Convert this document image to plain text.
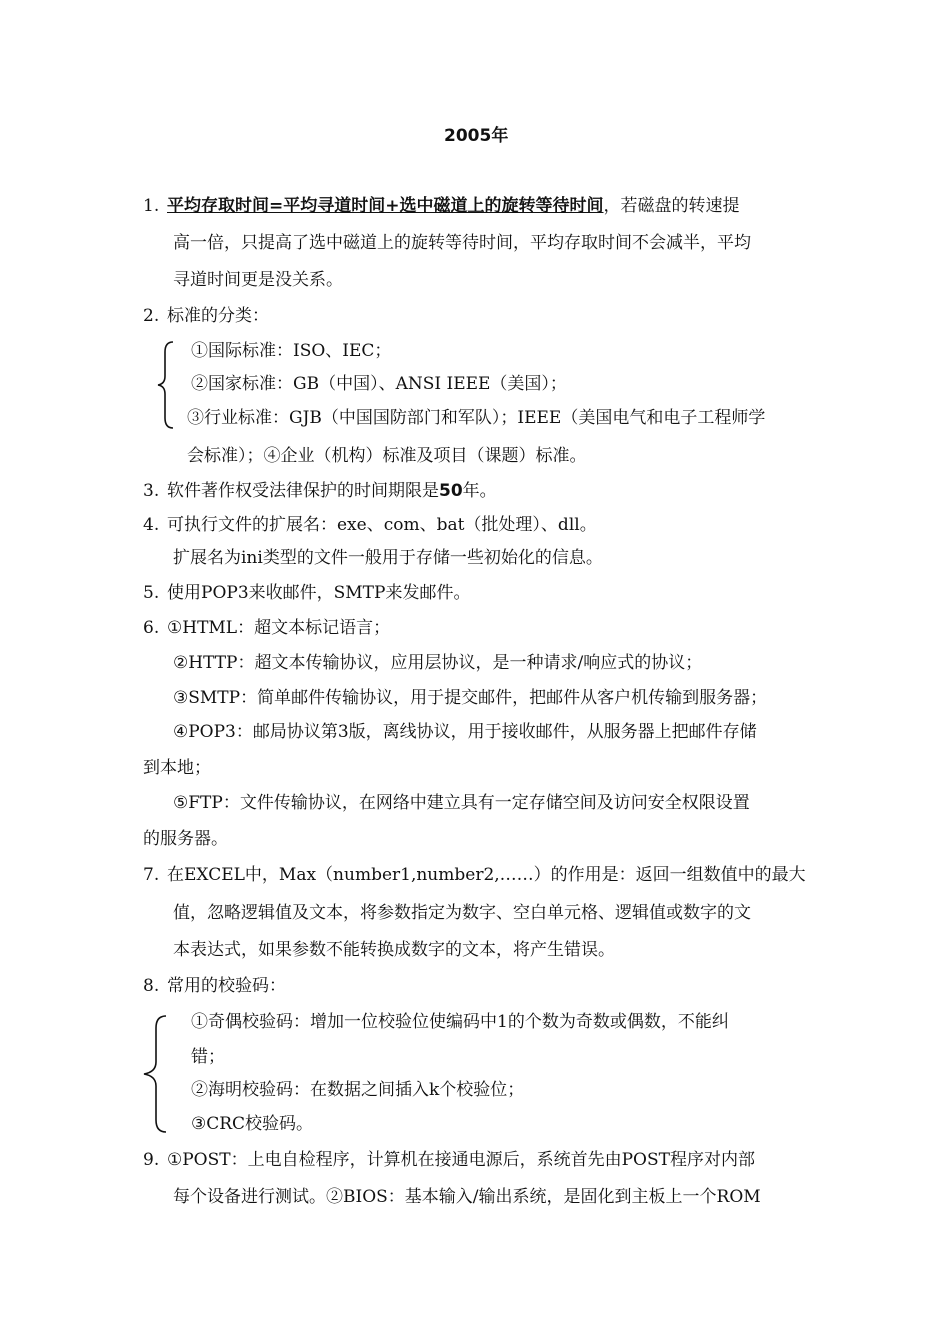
2005年
1. 平均存取时间=平均寻道时间+选中磁道上的旋转等待时间，若磁盘的转速提
高一倍，只提高了选中磁道上的旋转等待时间，平均存取时间不会减半，平均
寻道时间更是没关系。
2. 标准的分类：
①国际标准：ISO、IEC；
②国家标准：GB（中国）、ANSI IEEE（美国）；
③行业标准：GJB（中国国防部门和军队）；IEEE（美国电气和电子工程师学
会标准）；④企业（机构）标准及项目（课题）标准。
3. 软件著作权受法律保护的时间期限是50年。
4. 可执行文件的扩展名：exe、com、bat（批处理）、dll。
扩展名为ini类型的文件一般用于存储一些初始化的信息。
5. 使用POP3来收邮件，SMTP来发邮件。
6. ①HTML：超文本标记语言；
②HTTP：超文本传输协议，应用层协议，是一种请求/响应式的协议；
③SMTP：简单邮件传输协议，用于提交邮件，把邮件从客户机传输到服务器；
④POP3：邮局协议第3版，离线协议，用于接收邮件，从服务器上把邮件存储
到本地；
⑤FTP：文件传输协议，在网络中建立具有一定存储空间及访问安全权限设置
的服务器。
7. 在EXCEL中，Max（number1,number2,……）的作用是：返回一组数值中的最大
值，忽略逻辑值及文本，将参数指定为数字、空白单元格、逻辑值或数字的文
本表达式，如果参数不能转换成数字的文本，将产生错误。
8. 常用的校验码：
①奇偶校验码：增加一位校验位使编码中1的个数为奇数或偶数，不能纠
错；
②海明校验码：在数据之间插入k个校验位；
③CRC校验码。
9. ①POST：上电自检程序，计算机在接通电源后，系统首先由POST程序对内部
每个设备进行测试。②BIOS：基本输入/输出系统，是固化到主板上一个ROM
